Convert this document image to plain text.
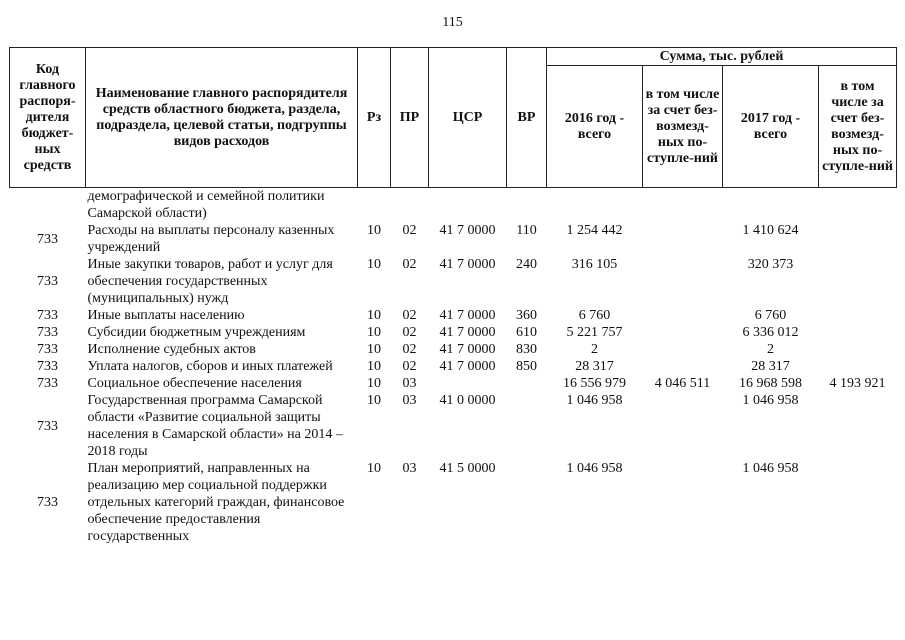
115
Код главного распоря-дителя бюджет-ных средств	Наименование главного распорядителя средств областного бюджета, раздела, подраздела, целевой статьи, подгруппы видов расходов	Рз	ПР	ЦСР	ВР	Сумма, тыс. рублей			
						2016 год - всего	в том числе за счет без-возмезд-ных по-ступле-ний	2017 год - всего	в том числе за счет без-возмезд-ных по-ступле-ний
	демографической и семейной политики Самарской области)								
733	Расходы на выплаты персоналу казенных учреждений	10	02	41 7 0000	110	1 254 442		1 410 624	
733	Иные закупки товаров, работ и услуг для обеспечения государственных (муниципальных) нужд	10	02	41 7 0000	240	316 105		320 373	
733	Иные выплаты населению	10	02	41 7 0000	360	6 760		6 760	
733	Субсидии бюджетным учреждениям	10	02	41 7 0000	610	5 221 757		6 336 012	
733	Исполнение судебных актов	10	02	41 7 0000	830	2		2	
733	Уплата налогов, сборов и иных платежей	10	02	41 7 0000	850	28 317		28 317	
733	Социальное обеспечение населения	10	03			16 556 979	4 046 511	16 968 598	4 193 921
733	Государственная программа Самарской области «Развитие социальной защиты населения в Самарской области» на 2014 – 2018 годы	10	03	41 0 0000		1 046 958		1 046 958	
733	План мероприятий, направленных на реализацию мер социальной поддержки отдельных категорий граждан, финансовое обеспечение предоставления государственных	10	03	41 5 0000		1 046 958		1 046 958	
